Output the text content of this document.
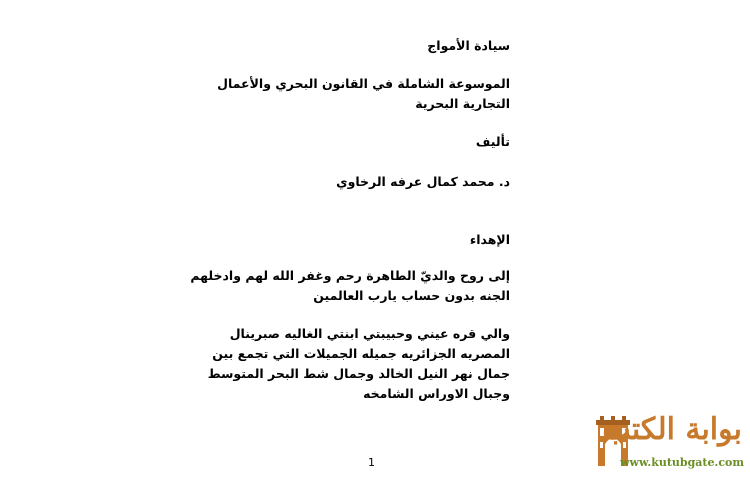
سيادة الأمواج
الموسوعة الشاملة في القانون البحري والأعمال
التجارية البحرية
تأليف
د. محمد كمال عرفه الرخاوي
الإهداء
إلى روح والديّ الطاهرة رحم وغفر الله لهم وادخلهم
الجنه بدون حساب يارب العالمين
والي قره عيني وحبيبتي ابنتي الغاليه صبرينال
المصريه الجزائريه جميله الجميلات التي تجمع بين
جمال نهر النيل الخالد وجمال شط البحر المتوسط
وجبال الاوراس الشامخه
1
بوابة الكتب
www.kutubgate.com
